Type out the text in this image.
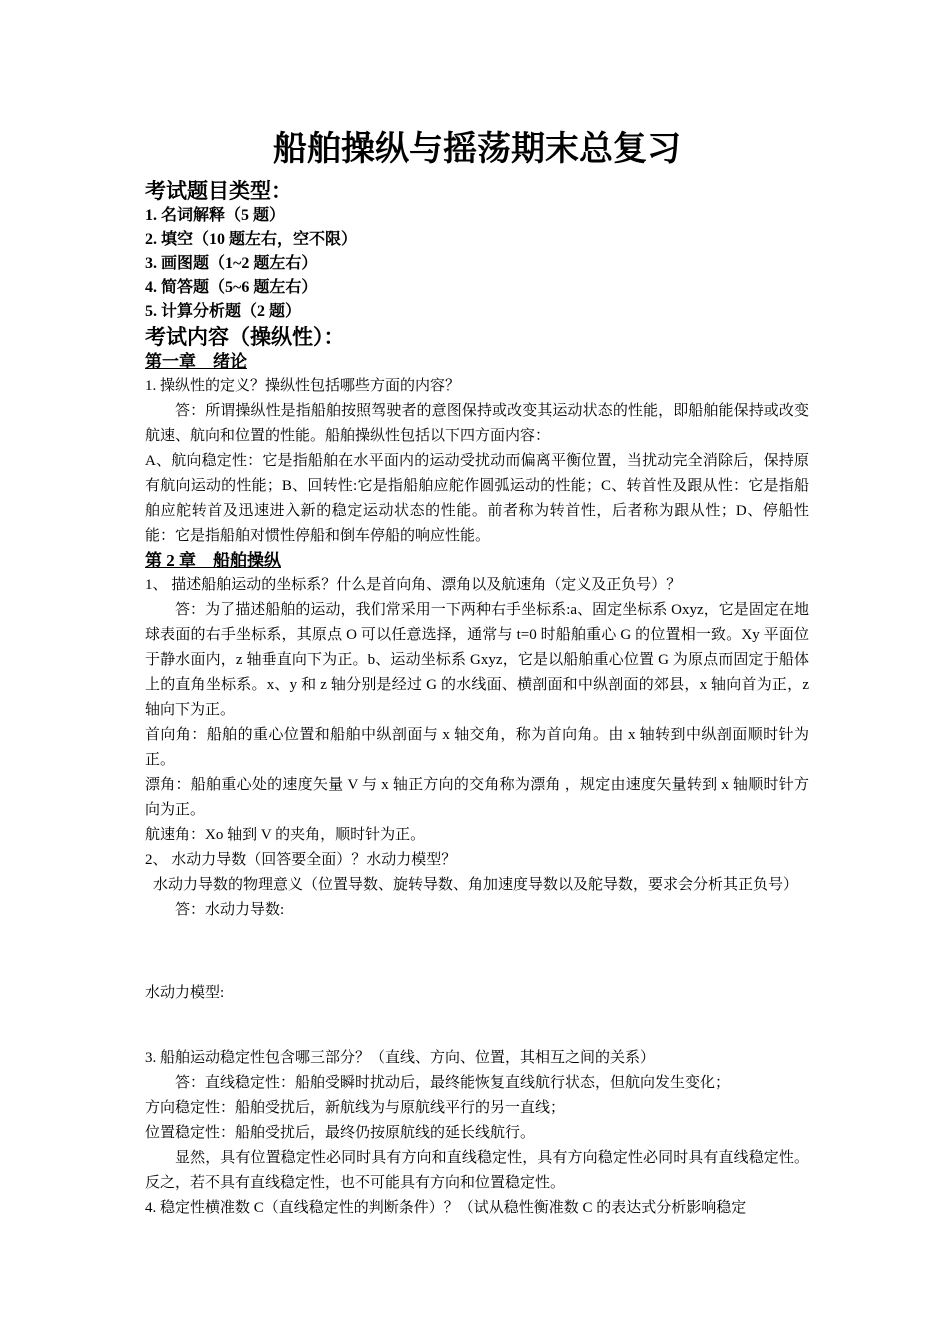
船舶操纵与摇荡期末总复习
考试题目类型：
1. 名词解释（5 题）
2. 填空（10 题左右，空不限）
3. 画图题（1~2 题左右）
4. 简答题（5~6 题左右）
5. 计算分析题（2 题）
考试内容（操纵性）：
第一章　绪论

1. 操纵性的定义？操纵性包括哪些方面的内容？

答：所谓操纵性是指船舶按照驾驶者的意图保持或改变其运动状态的性能，即船舶能保持或改变航速、航向和位置的性能。船舶操纵性包括以下四方面内容：

A、航向稳定性：它是指船舶在水平面内的运动受扰动而偏离平衡位置，当扰动完全消除后，保持原有航向运动的性能；B、回转性:它是指船舶应舵作圆弧运动的性能；C、转首性及跟从性：它是指船舶应舵转首及迅速进入新的稳定运动状态的性能。前者称为转首性，后者称为跟从性；D、停船性能：它是指船舶对惯性停船和倒车停船的响应性能。

第 2 章　船舶操纵

1、 描述船舶运动的坐标系？什么是首向角、漂角以及航速角（定义及正负号）？

答：为了描述船舶的运动，我们常采用一下两种右手坐标系:a、固定坐标系 Oxyz，它是固定在地球表面的右手坐标系，其原点 O 可以任意选择，通常与 t=0 时船舶重心 G 的位置相一致。Xy 平面位于静水面内，z 轴垂直向下为正。b、运动坐标系 Gxyz，它是以船舶重心位置 G 为原点而固定于船体上的直角坐标系。x、y 和 z 轴分别是经过 G 的水线面、横剖面和中纵剖面的郊县，x 轴向首为正，z 轴向下为正。

首向角：船舶的重心位置和船舶中纵剖面与 x 轴交角，称为首向角。由 x 轴转到中纵剖面顺时针为正。

漂角：船舶重心处的速度矢量 V 与 x 轴正方向的交角称为漂角 ，规定由速度矢量转到 x 轴顺时针方向为正。

航速角：Xo 轴到 V 的夹角，顺时针为正。

2、 水动力导数（回答要全面）？水动力模型？

水动力导数的物理意义（位置导数、旋转导数、角加速度导数以及舵导数，要求会分析其正负号）

答：水动力导数:

水动力模型:

3. 船舶运动稳定性包含哪三部分？（直线、方向、位置，其相互之间的关系）

答：直线稳定性：船舶受瞬时扰动后，最终能恢复直线航行状态，但航向发生变化；

方向稳定性：船舶受扰后，新航线为与原航线平行的另一直线；

位置稳定性：船舶受扰后，最终仍按原航线的延长线航行。

显然，具有位置稳定性必同时具有方向和直线稳定性，具有方向稳定性必同时具有直线稳定性。反之，若不具有直线稳定性，也不可能具有方向和位置稳定性。

4. 稳定性横准数 C（直线稳定性的判断条件）？（试从稳性衡准数 C 的表达式分析影响稳定
